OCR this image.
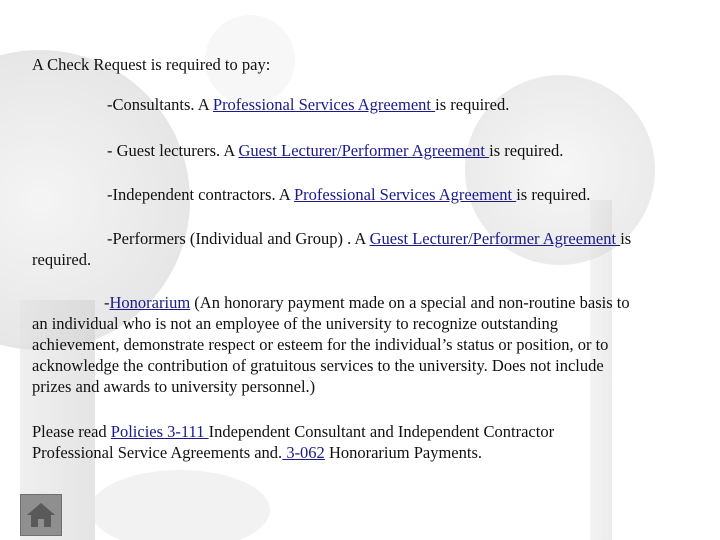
A Check Request is required to pay:
-Consultants. A Professional Services Agreement is required.
- Guest lecturers. A Guest Lecturer/Performer Agreement is required.
-Independent contractors. A Professional Services Agreement is required.
-Performers (Individual and Group) . A Guest Lecturer/Performer Agreement is
required.
-Honorarium (An honorary payment made on a special and non-routine basis to
an individual who is not an employee of the university to recognize outstanding
achievement, demonstrate respect or esteem for the individual’s status or position, or to
acknowledge the contribution of gratuitous services to the university. Does not include
prizes and awards to university personnel.)
Please read Policies 3-111 Independent Consultant and Independent Contractor
Professional Service Agreements and. 3-062 Honorarium Payments.
